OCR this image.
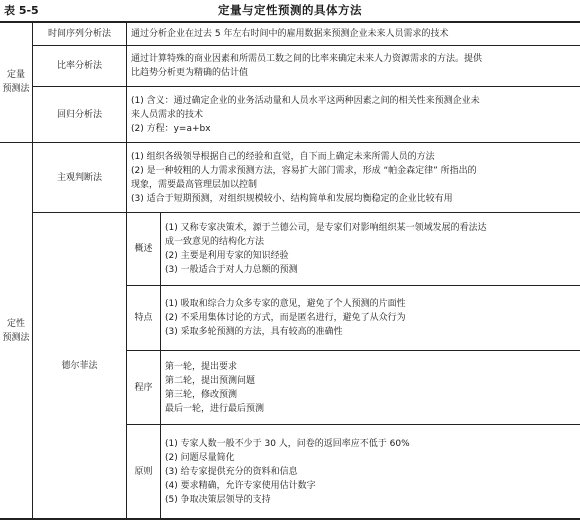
表 5-5	定量与定性预测的具体方法
定量
预测法
时间序列分析法	通过分析企业在过去 5 年左右时间中的雇用数据来预测企业未来人员需求的技术
比率分析法
通过计算特殊的商业因素和所需员工数之间的比率来确定未来人力资源需求的方法。提供
比趋势分析更为精确的估计值
回归分析法
(1) 含义：通过确定企业的业务活动量和人员水平这两种因素之间的相关性来预测企业未
来人员需求的技术
(2) 方程：y=a+bx
定性
预测法
主观判断法
(1) 组织各级领导根据自己的经验和直觉，自下而上确定未来所需人员的方法
(2) 是一种较粗的人力需求预测方法，容易扩大部门需求，形成 “帕金森定律” 所指出的
现象，需要最高管理层加以控制
(3) 适合于短期预测，对组织规模较小、结构简单和发展均衡稳定的企业比较有用
德尔菲法
概述
(1) 又称专家决策术，源于兰德公司，是专家们对影响组织某一领域发展的看法达
成一致意见的结构化方法
(2) 主要是利用专家的知识经验
(3) 一般适合于对人力总额的预测
特点
(1) 吸取和综合力众多专家的意见，避免了个人预测的片面性
(2) 不采用集体讨论的方式，而是匿名进行，避免了从众行为
(3) 采取多轮预测的方法，具有较高的准确性
程序
第一轮，提出要求
第二轮，提出预测问题
第三轮，修改预测
最后一轮，进行最后预测
原则
(1) 专家人数一般不少于 30 人，问卷的返回率应不低于 60%
(2) 问题尽量简化
(3) 给专家提供充分的资料和信息
(4) 要求精确，允许专家使用估计数字
(5) 争取决策层领导的支持
